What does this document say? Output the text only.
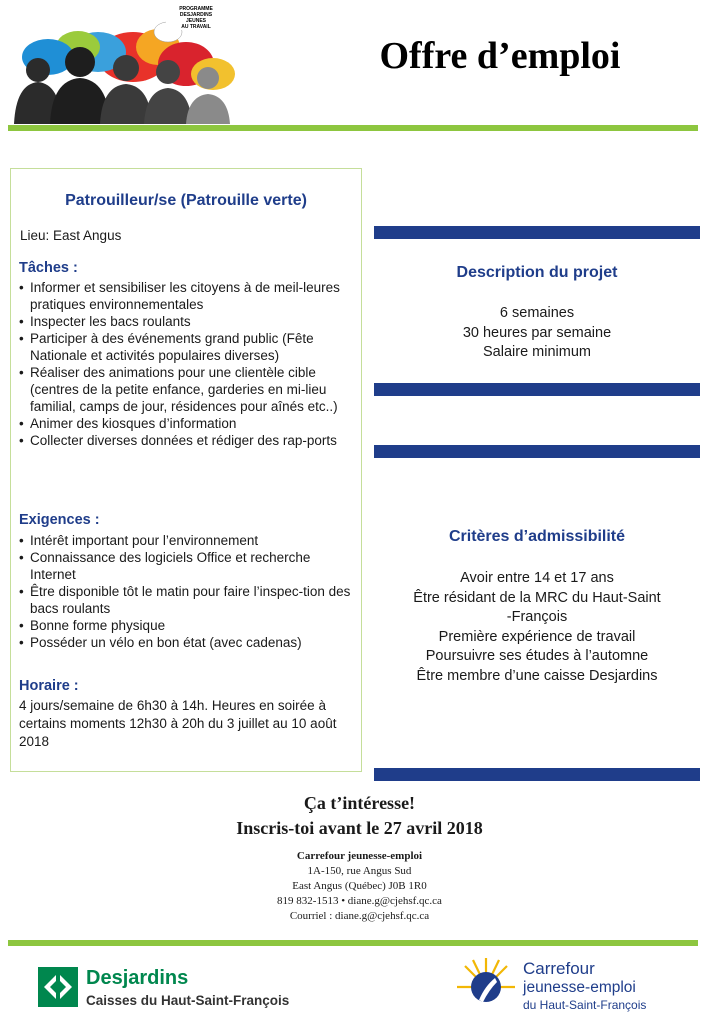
PROGRAMME
DESJARDINS
JEUNES
AU TRAVAIL
Offre d’emploi
Patrouilleur/se (Patrouille verte)
Lieu: East Angus
Tâches :
• Informer et sensibiliser les citoyens à de meil-leures pratiques environnementales
• Inspecter les bacs roulants
• Participer à des événements grand public (Fête Nationale et activités populaires diverses)
• Réaliser des animations pour une clientèle cible (centres de la petite enfance, garderies en mi-lieu familial, camps de jour, résidences pour aînés etc..)
• Animer des kiosques d’information
• Collecter diverses données et rédiger des rap-ports
Exigences :
• Intérêt important pour l’environnement
• Connaissance des logiciels Office et recherche Internet
• Être disponible tôt le matin pour faire l’inspec-tion des bacs roulants
• Bonne forme physique
• Posséder un vélo en bon état (avec cadenas)
Horaire :
4 jours/semaine de 6h30 à 14h. Heures en soirée à certains moments 12h30 à 20h du 3 juillet au 10 août 2018
Description du projet
6 semaines
30 heures par semaine
Salaire minimum
Critères d’admissibilité
Avoir entre 14 et 17 ans
Être résidant de la MRC du Haut-Saint
-François
Première expérience de travail
Poursuivre ses études à l’automne
Être membre d’une caisse Desjardins
Ça t’intéresse!
Inscris-toi avant le 27 avril 2018
Carrefour jeunesse-emploi
1A-150, rue Angus Sud
East Angus (Québec) J0B 1R0
819 832-1513 • diane.g@cjehsf.qc.ca
Courriel : diane.g@cjehsf.qc.ca
Desjardins
Caisses du Haut-Saint-François
Carrefour
jeunesse-emploi
du Haut-Saint-François
